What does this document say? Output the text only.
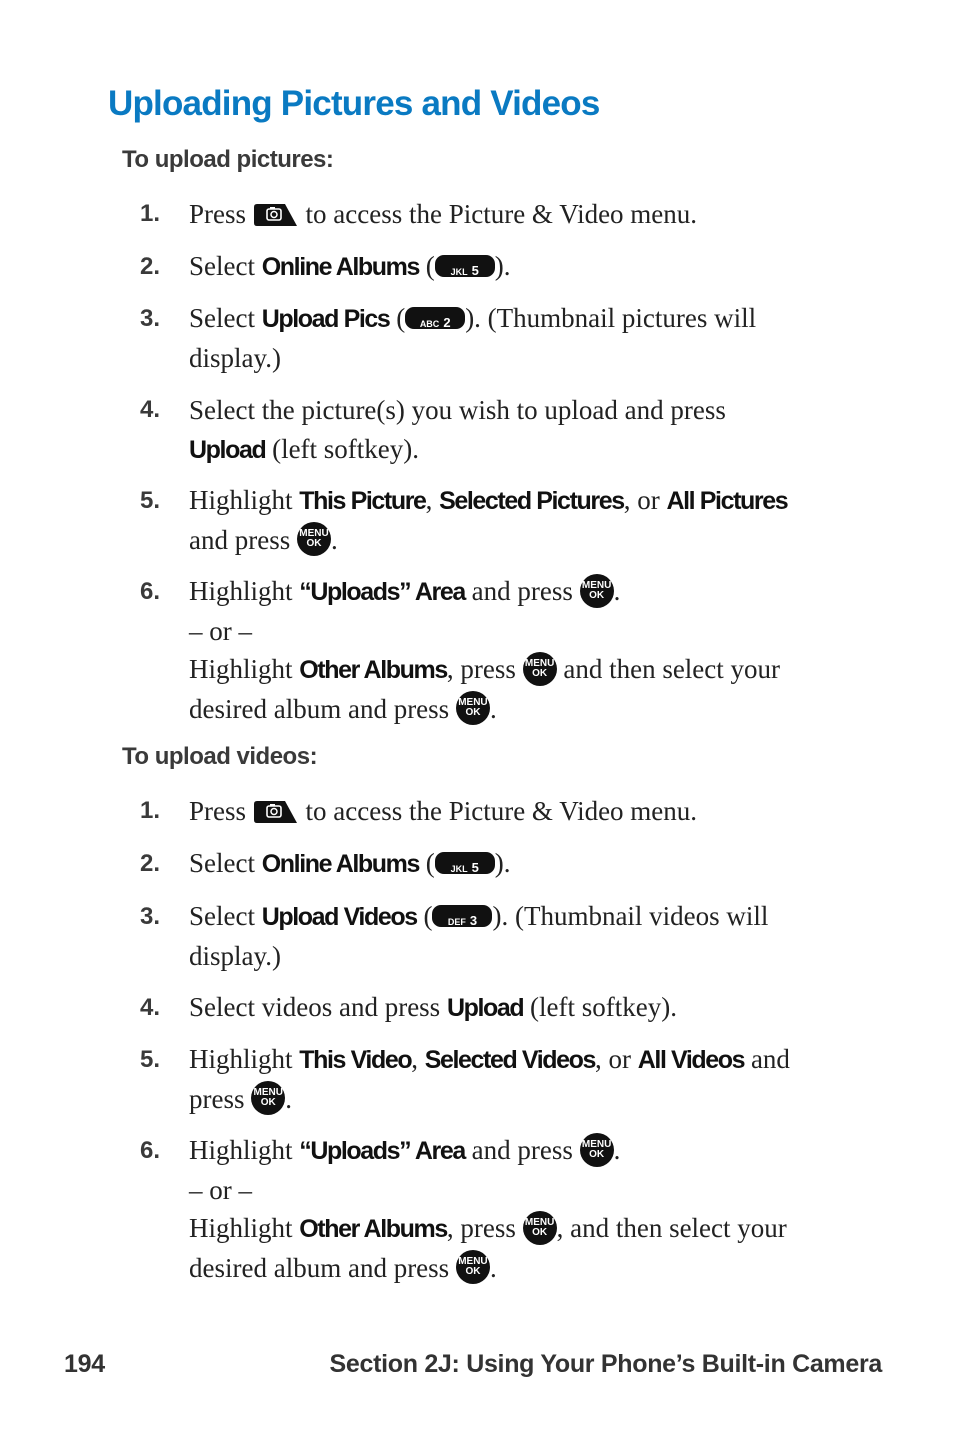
Uploading Pictures and Videos
To upload pictures:
1. Press to access the Picture & Video menu.
2. Select Online Albums ( JKL 5 ).
3. Select Upload Pics ( ABC 2 ). (Thumbnail pictures will
display.)
4. Select the picture(s) you wish to upload and press
Upload (left softkey).
5. Highlight This Picture, Selected Pictures, or All Pictures
and press MENU
OK .
6. Highlight “Uploads” Area and press MENU
OK .
– or –
Highlight Other Albums, press MENU
OK and then select your
desired album and press MENU
OK .
To upload videos:
1. Press to access the Picture & Video menu.
2. Select Online Albums ( JKL 5 ).
3. Select Upload Videos ( DEF 3 ). (Thumbnail videos will
display.)
4. Select videos and press Upload (left softkey).
5. Highlight This Video, Selected Videos, or All Videos and
press MENU
OK .
6. Highlight “Uploads” Area and press MENU
OK .
– or –
Highlight Other Albums, press MENU
OK , and then select your
desired album and press MENU
OK .
194	Section 2J: Using Your Phone’s Built-in Camera
